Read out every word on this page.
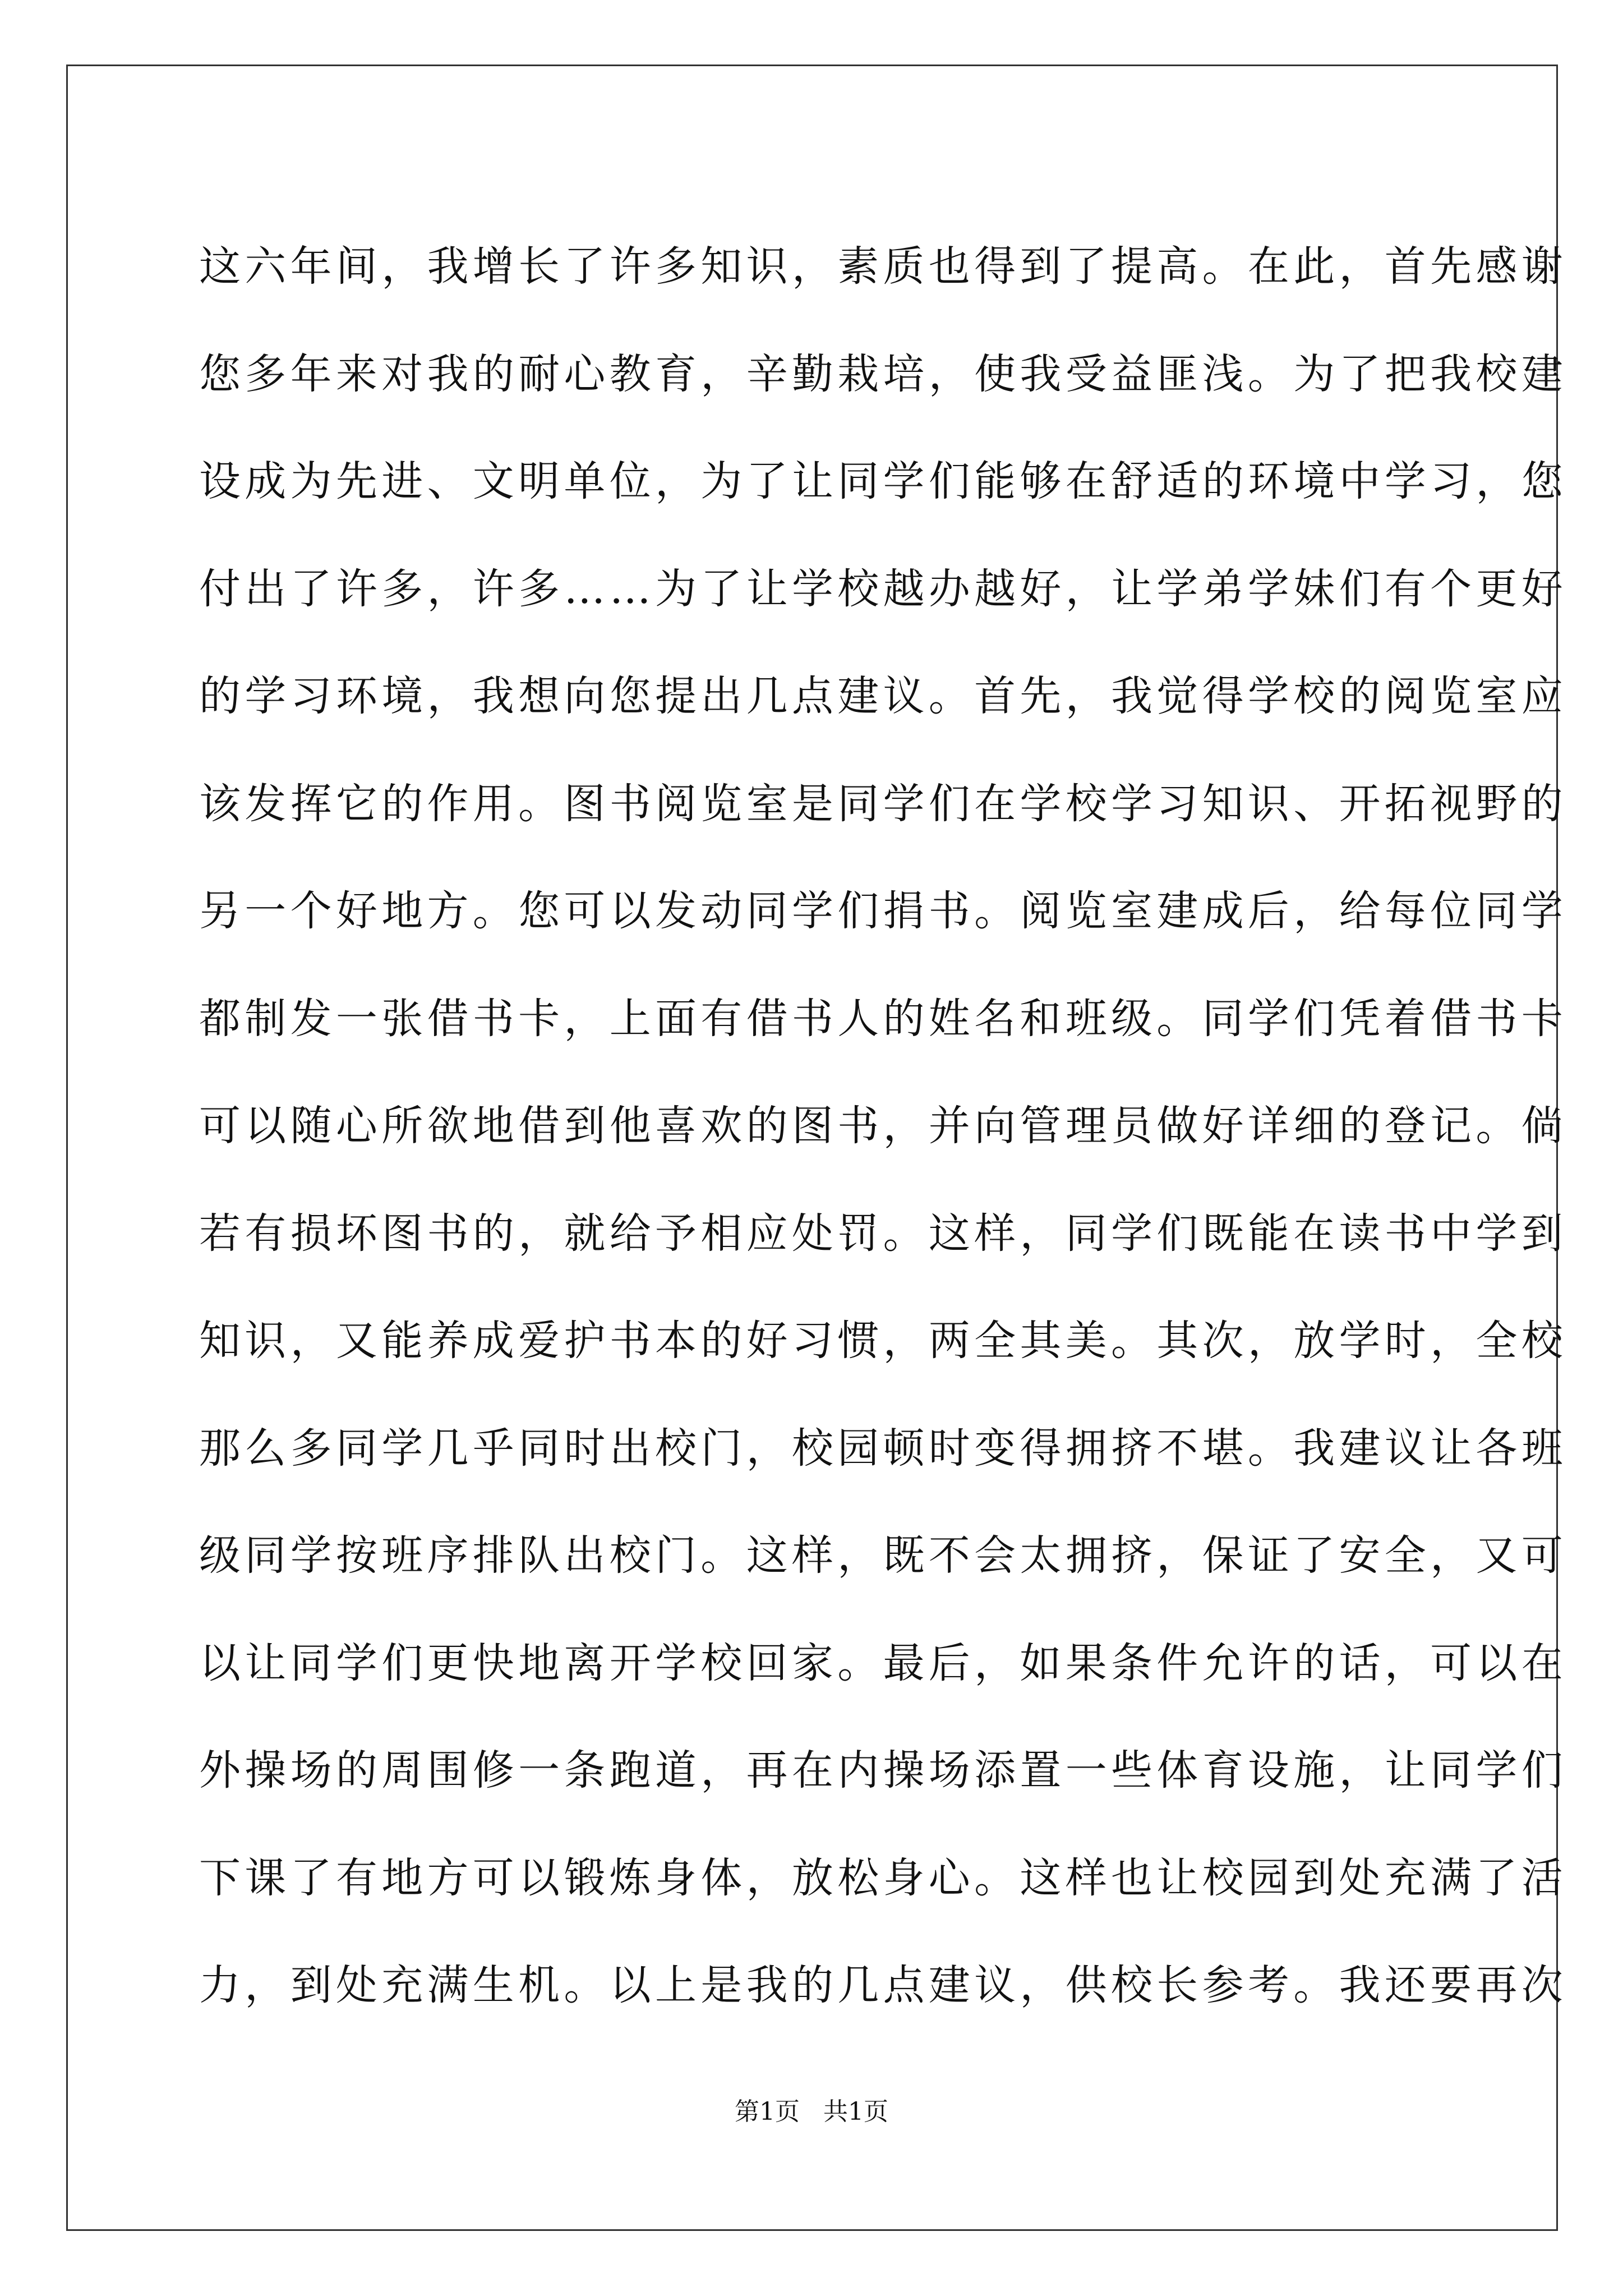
这六年间，我增长了许多知识，素质也得到了提高。在此，首先感谢
您多年来对我的耐心教育，辛勤栽培，使我受益匪浅。为了把我校建
设成为先进、文明单位，为了让同学们能够在舒适的环境中学习，您
付出了许多，许多……为了让学校越办越好，让学弟学妹们有个更好
的学习环境，我想向您提出几点建议。首先，我觉得学校的阅览室应
该发挥它的作用。图书阅览室是同学们在学校学习知识、开拓视野的
另一个好地方。您可以发动同学们捐书。阅览室建成后，给每位同学
都制发一张借书卡，上面有借书人的姓名和班级。同学们凭着借书卡
可以随心所欲地借到他喜欢的图书，并向管理员做好详细的登记。倘
若有损坏图书的，就给予相应处罚。这样，同学们既能在读书中学到
知识，又能养成爱护书本的好习惯，两全其美。其次，放学时，全校
那么多同学几乎同时出校门，校园顿时变得拥挤不堪。我建议让各班
级同学按班序排队出校门。这样，既不会太拥挤，保证了安全，又可
以让同学们更快地离开学校回家。最后，如果条件允许的话，可以在
外操场的周围修一条跑道，再在内操场添置一些体育设施，让同学们
下课了有地方可以锻炼身体，放松身心。这样也让校园到处充满了活
力，到处充满生机。以上是我的几点建议，供校长参考。我还要再次
第1页   共1页
